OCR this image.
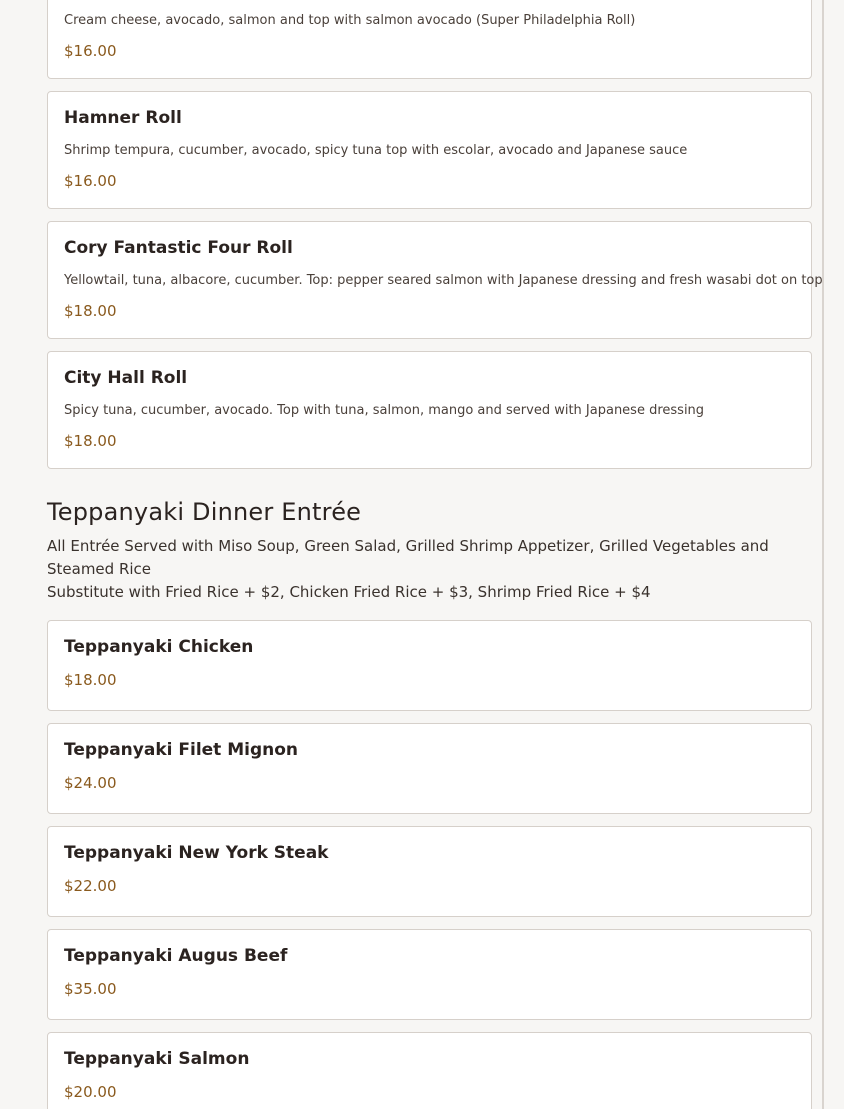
Cream cheese, avocado, salmon and top with salmon avocado (Super Philadelphia Roll)
$16.00
Hamner Roll
Shrimp tempura, cucumber, avocado, spicy tuna top with escolar, avocado and Japanese sauce
$16.00
Cory Fantastic Four Roll
Yellowtail, tuna, albacore, cucumber. Top: pepper seared salmon with Japanese dressing and fresh wasabi dot on top
$18.00
City Hall Roll
Spicy tuna, cucumber, avocado. Top with tuna, salmon, mango and served with Japanese dressing
$18.00
Teppanyaki Dinner Entrée
All Entrée Served with Miso Soup, Green Salad, Grilled Shrimp Appetizer, Grilled Vegetables and Steamed Rice
Substitute with Fried Rice + $2, Chicken Fried Rice + $3, Shrimp Fried Rice + $4
Teppanyaki Chicken
$18.00
Teppanyaki Filet Mignon
$24.00
Teppanyaki New York Steak
$22.00
Teppanyaki Augus Beef
$35.00
Teppanyaki Salmon
$20.00
